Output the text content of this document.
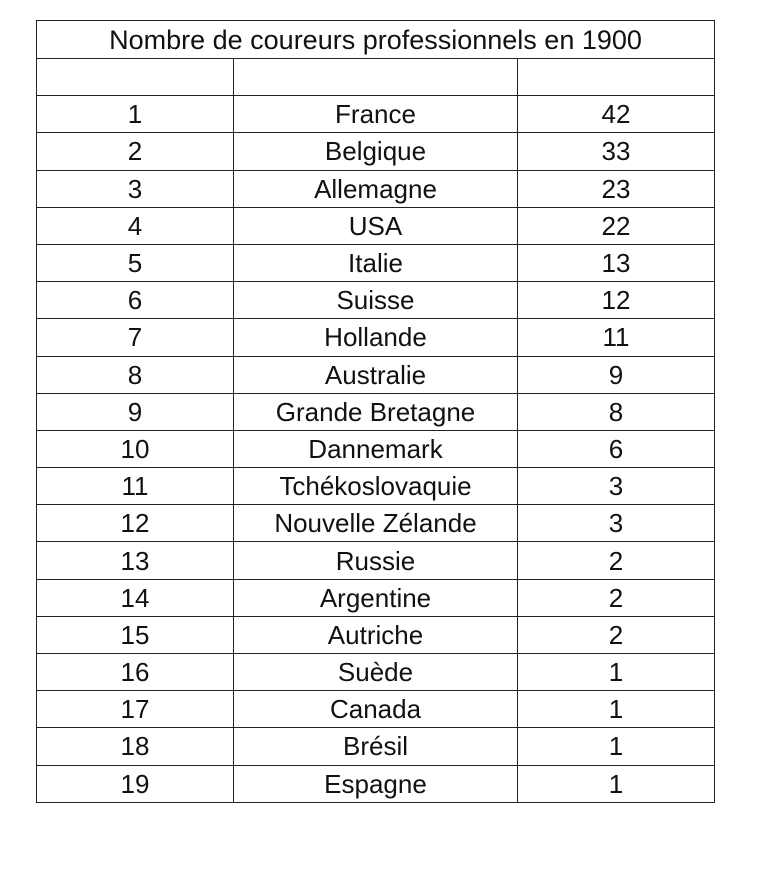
Nombre de coureurs professionnels en 1900		

1	France	42
2	Belgique	33
3	Allemagne	23
4	USA	22
5	Italie	13
6	Suisse	12
7	Hollande	11
8	Australie	9
9	Grande Bretagne	8
10	Dannemark	6
11	Tchékoslovaquie	3
12	Nouvelle Zélande	3
13	Russie	2
14	Argentine	2
15	Autriche	2
16	Suède	1
17	Canada	1
18	Brésil	1
19	Espagne	1
